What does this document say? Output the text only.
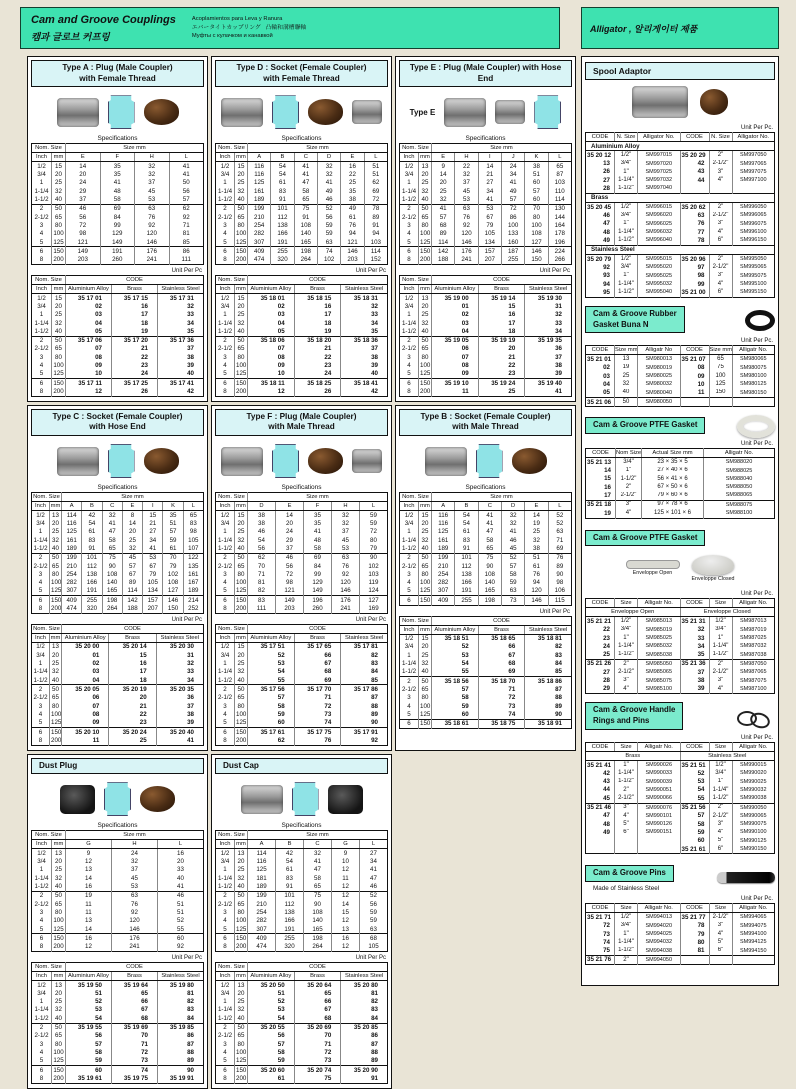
Cam and Groove Couplings
캠과 글로브 커프링
Acoplamientos para Leva y Ranura
エバータイトカップリング 凸輪和溝槽聯軸
Муфты с кулачком и канавкой
Alligator , 알리게이터 제품
Type A : Plug (Male Coupler)
with Female Thread
Specifications
Nom. Size		Size mm			
Inch	mm	E	F	H	L
1/2	15	14	35	32	41
3/4	20	20	35	32	41
1	25	24	41	37	50
1-1/4	32	29	48	45	56
1-1/2	40	37	58	53	57
2	50	46	69	63	62
2-1/2	65	56	84	76	92
3	80	72	99	92	71
4	100	98	129	120	81
5	125	121	149	146	85
6	150	149	191	176	86
8	200	203	260	241	111
Unit Per Pc
Nom. Size		CODE		
Inch	mm	Aluminium Alloy	Brass	Stainless Steel
1/2	15	35 17 01	35 17 15	35 17 31
3/4	20	02	16	32
1	25	03	17	33
1-1/4	32	04	18	34
1-1/2	40	05	19	35
2	50	35 17 06	35 17 20	35 17 36
2-1/2	65	07	21	37
3	80	08	22	38
4	100	09	23	39
5	125	10	24	40
6	150	35 17 11	35 17 25	35 17 41
8	200	12	26	42
Type D : Socket (Female Coupler)
with Female Thread
Specifications
Nom. Size		Size mm					
Inch	mm	A	B	C	D	E	L
1/2	15	116	54	41	32	16	51
3/4	20	116	54	41	32	22	51
1	25	125	61	47	41	25	62
1-1/4	32	161	83	58	49	35	69
1-1/2	40	189	91	65	46	38	72
2	50	199	101	75	52	49	78
2-1/2	65	210	112	91	56	61	89
3	80	254	138	108	59	76	91
4	100	282	166	140	59	94	94
5	125	307	191	165	63	121	103
6	150	409	255	198	74	146	114
8	200	474	320	264	102	203	152
Unit Per Pc
Nom. Size		CODE		
Inch	mm	Aluminium Alloy	Brass	Stainless Steel
1/2	15	35 18 01	35 18 15	35 18 31
3/4	20	02	16	32
1	25	03	17	33
1-1/4	32	04	18	34
1-1/2	40	05	19	35
2	50	35 18 06	35 18 20	35 18 36
2-1/2	65	07	21	37
3	80	08	22	38
4	100	09	23	39
5	125	10	24	40
6	150	35 18 11	35 18 25	35 18 41
8	200	12	26	42
Type E : Plug (Male Coupler) with Hose End
Type E
Specifications
Nom. Size		Size mm					
Inch	mm	E	H	I	J	K	L
1/2	13	9	22	14	24	38	65
3/4	20	14	32	21	34	51	87
1	25	20	37	27	41	60	103
1-1/4	32	25	45	34	49	57	110
1-1/2	40	32	53	41	57	60	114
2	50	41	63	53	72	70	130
2-1/2	65	57	76	67	86	80	144
3	80	68	92	79	100	100	164
4	100	89	120	105	133	108	178
5	125	114	146	134	160	127	196
6	150	142	176	157	187	146	224
8	200	188	241	207	255	150	266
Unit Per Pc
Nom. Size		CODE		
Inch	mm	Aluminium Alloy	Brass	Stainless Steel
1/2	13	35 19 00	35 19 14	35 19 30
3/4	20	01	15	31
1	25	02	16	32
1-1/4	32	03	17	33
1-1/2	40	04	18	34
2	50	35 19 05	35 19 19	35 19 35
2-1/2	65	06	20	36
3	80	07	21	37
4	100	08	22	38
5	125	09	23	39
6	150	35 19 10	35 19 24	35 19 40
8	200	11	25	41
Type C : Socket (Female Coupler)
with Hose End
Specifications
Nom. Size		Size mm						
Inch	mm	A	B	C	E	I	K	L
1/2	13	114	42	32	8	15	35	65
3/4	20	116	54	41	14	21	51	83
1	25	125	61	47	20	27	57	98
1-1/4	32	161	83	58	25	34	59	105
1-1/2	40	189	91	65	32	41	61	107
2	50	199	101	75	45	53	70	122
2-1/2	65	210	112	90	57	67	79	135
3	80	254	138	108	67	79	102	161
4	100	282	166	140	89	105	108	167
5	125	307	191	165	114	134	127	189
6	150	409	255	198	142	157	146	214
8	200	474	320	264	188	207	150	252
Unit Per Pc
Nom. Size		CODE		
Inch	mm	Aluminium Alloy	Brass	Stainless Steel
1/2	13	35 20 00	35 20 14	35 20 30
3/4	20	01	15	31
1	25	02	16	32
1-1/4	32	03	17	33
1-1/2	40	04	18	34
2	50	35 20 05	35 20 19	35 20 35
2-1/2	65	06	20	36
3	80	07	21	37
4	100	08	22	38
5	125	09	23	39
6	150	35 20 10	35 20 24	35 20 40
8	200	11	25	41
Type F : Plug (Male Coupler)
with Male Thread
Specifications
Nom. Size		Size mm				
Inch	mm	D	E	F	H	L
1/2	15	38	14	35	32	59
3/4	20	38	20	35	32	59
1	25	46	24	41	37	72
1-1/4	32	54	29	48	45	80
1-1/2	40	56	37	58	53	79
2	50	62	46	69	63	90
2-1/2	65	70	56	84	76	102
3	80	71	72	99	92	103
4	100	81	98	129	120	119
5	125	82	121	149	146	124
6	150	83	149	196	176	127
8	200	111	203	260	241	169
Unit Per Pc
Nom. Size		CODE		
Inch	mm	Aluminium Alloy	Brass	Stainless Steel
1/2	15	35 17 51	35 17 65	35 17 81
3/4	20	52	66	82
1	25	53	67	83
1-1/4	32	54	68	84
1-1/2	40	55	69	85
2	50	35 17 56	35 17 70	35 17 86
2-1/2	65	57	71	87
3	80	58	72	88
4	100	59	73	89
5	125	60	74	90
6	150	35 17 61	35 17 75	35 17 91
8	200	62	76	92
Type B : Socket (Female Coupler)
with Male Thread
Specifications
Nom. Size		Size mm					
Inch	mm	A	B	C	D	E	L
1/2	15	116	54	41	32	14	52
3/4	20	116	54	41	32	19	52
1	25	125	61	47	41	25	63
1-1/4	32	161	83	58	46	32	71
1-1/2	40	189	91	65	45	38	69
2	50	199	101	75	52	51	76
2-1/2	65	210	112	90	57	61	89
3	80	254	138	108	58	76	90
4	100	282	166	140	59	94	98
5	125	307	191	165	63	120	106
6	150	409	255	198	73	146	115
Unit Per Pc
Nom. Size		CODE		
Inch	mm	Aluminium Alloy	Brass	Stainless Steel
1/2	15	35 18 51	35 18 65	35 18 81
3/4	20	52	66	82
1	25	53	67	83
1-1/4	32	54	68	84
1-1/2	40	55	69	85
2	50	35 18 56	35 18 70	35 18 86
2-1/2	65	57	71	87
3	80	58	72	88
4	100	59	73	89
5	125	60	74	90
6	150	35 18 61	35 18 75	35 18 91
Dust Plug
Specifications
Nom. Size		Size mm		
Inch	mm	G	H	L
1/2	13	9	24	16
3/4	20	12	32	20
1	25	13	37	33
1-1/4	32	14	45	40
1-1/2	40	16	53	41
2	50	19	63	46
2-1/2	65	11	76	51
3	80	11	92	51
4	100	13	120	52
5	125	14	146	55
6	150	16	176	60
8	200	12	241	92
Unit Per Pc
Nom. Size		CODE		
Inch	mm	Aluminium Alloy	Brass	Stainless Steel
1/2	13	35 19 50	35 19 64	35 19 80
3/4	20	51	65	81
1	25	52	66	82
1-1/4	32	53	67	83
1-1/2	40	54	68	84
2	50	35 19 55	35 19 69	35 19 85
2-1/2	65	56	70	86
3	80	57	71	87
4	100	58	72	88
5	125	59	73	89
6	150	60	74	90
8	200	35 19 61	35 19 75	35 19 91
Dust Cap
Specifications
Nom. Size		Size mm				
Inch	mm	A	B	C	G	L
1/2	13	114	42	32	9	27
3/4	20	116	54	41	10	34
1	25	125	61	47	12	41
1-1/4	32	181	83	58	11	47
1-1/2	40	189	91	65	12	46
2	50	199	101	75	12	52
2-1/2	65	210	112	90	14	56
3	80	254	138	108	15	59
4	100	282	166	140	12	59
5	125	307	191	165	13	63
6	150	409	255	198	16	68
8	200	474	320	264	12	105
Unit Per Pc
Nom. Size		CODE		
Inch	mm	Aluminium Alloy	Brass	Stainless Steel
1/2	13	35 20 50	35 20 64	35 20 80
3/4	20	51	65	81
1	25	52	66	82
1-1/4	32	53	67	83
1-1/2	40	54	68	84
2	50	35 20 55	35 20 69	35 20 85
2-1/2	65	56	70	86
3	80	57	71	87
4	100	58	72	88
5	125	59	73	89
6	150	35 20 60	35 20 74	35 20 90
8	200	61	75	91
Spool Adaptor
Unit Per Pc.
CODE	N. Size	Alligator No.	CODE	N. Size	Alligator No.
Aluminium Alloy					
35 20 12	1/2"	SM997015	35 20 29	2"	SM997050
13	3/4"	SM997020	42	2-1/2"	SM997065
26	1"	SM997025	43	3"	SM997075
27	1-1/4"	SM997032	44	4"	SM997100
28	1-1/2"	SM997040			
Brass					
35 20 45	1/2"	SM996015	35 20 62	2"	SM996050
46	3/4"	SM996020	63	2-1/2"	SM996065
47	1"	SM996025	76	3"	SM996075
48	1-1/4"	SM996032	77	4"	SM996100
49	1-1/2"	SM996040	78	6"	SM996150
Stainless Steel					
35 20 79	1/2"	SM995015	35 20 96	2"	SM995050
92	3/4"	SM995020	97	2-1/2"	SM995065
93	1"	SM995025	98	3"	SM995075
94	1-1/4"	SM995032	99	4"	SM995100
95	1-1/2"	SM995040	35 21 00	6"	SM995150
Cam & Groove Rubber
Gasket Buna N
Unit Per Pc.
CODE	Size mm	Alligatr No	CODE	Size mm	Alligatr No.
35 21 01	13	SM980013	35 21 07	65	SM980065
02	19	SM980019	08	75	SM980075
03	25	SM980025	09	100	SM980100
04	32	SM980032	10	125	SM980125
05	40	SM980040	11	150	SM980150
35 21 06	50	SM980050			
Cam & Groove PTFE Gasket
Unit Per Pc.
CODE	Nom Size	Actual Size mm	Alligatr No.
35 21 13	3/4"	23 × 35 × 5	SM988020
14	1"	27 × 40 × 6	SM988025
15	1-1/2"	56 × 41 × 6	SM988040
16	2"	67 × 50 × 6	SM988050
17	2-1/2"	79 × 60 × 6	SM988065
35 21 18	3"	97 × 78 × 6	SM988075
19	4"	125 × 101 × 6	SM988100
Cam & Groove PTFE Gasket
Enveloppe Open
Enveloppe Closed
Unit Per Pc.
CODE	Size	Alligatr No.	CODE	Size	Alligatr No.
Enveloppe Open			Enveloppe Closed		
35 21 21	1/2"	SM985013	35 21 31	1/2"	SM987013
22	3/4"	SM985019	32	3/4"	SM987019
23	1"	SM985025	33	1"	SM987025
24	1-1/4"	SM985032	34	1-1/4"	SM987032
25	1-1/2"	SM985038	35	1-1/2"	SM987038
35 21 26	2"	SM985050	35 21 36	2"	SM987050
27	2-1/2"	SM985065	37	2-1/2"	SM987065
28	3"	SM985075	38	3"	SM987075
29	4"	SM985100	39	4"	SM987100
Cam & Groove Handle
Rings and Pins
Unit Per Pc.
CODE	Size	Alligatr No.	CODE	Size	Alligatr No.
Brass			Stainless Steel		
35 21 41	1"	SM990026	35 21 51	1/2"	SM990015
42	1-1/4"	SM990033	52	3/4"	SM990020
43	1-1/2"	SM990039	53	1"	SM990025
44	2"	SM990051	54	1-1/4"	SM990032
45	2-1/2"	SM990066	55	1-1/2"	SM990038
35 21 46	3"	SM990076	35 21 56	2"	SM990050
47	4"	SM990101	57	2-1/2"	SM990065
48	5"	SM990126	58	3"	SM990075
49	6"	SM990151	59	4"	SM990100
			60	5"	SM990125
			35 21 61	6"	SM990150
Cam & Groove Pins
Made of Stainless Steel
Unit Per Pc.
CODE	Size	Alligatr No.	CODE	Size	Alligatr No.
35 21 71	1/2"	SM994013	35 21 77	2-1/2"	SM994065
72	3/4"	SM994020	78	3"	SM994075
73	1"	SM994025	79	4"	SM994100
74	1-1/4"	SM994032	80	5"	SM994125
75	1-1/2"	SM994038	81	6"	SM994150
35 21 76	2"	SM994050			
